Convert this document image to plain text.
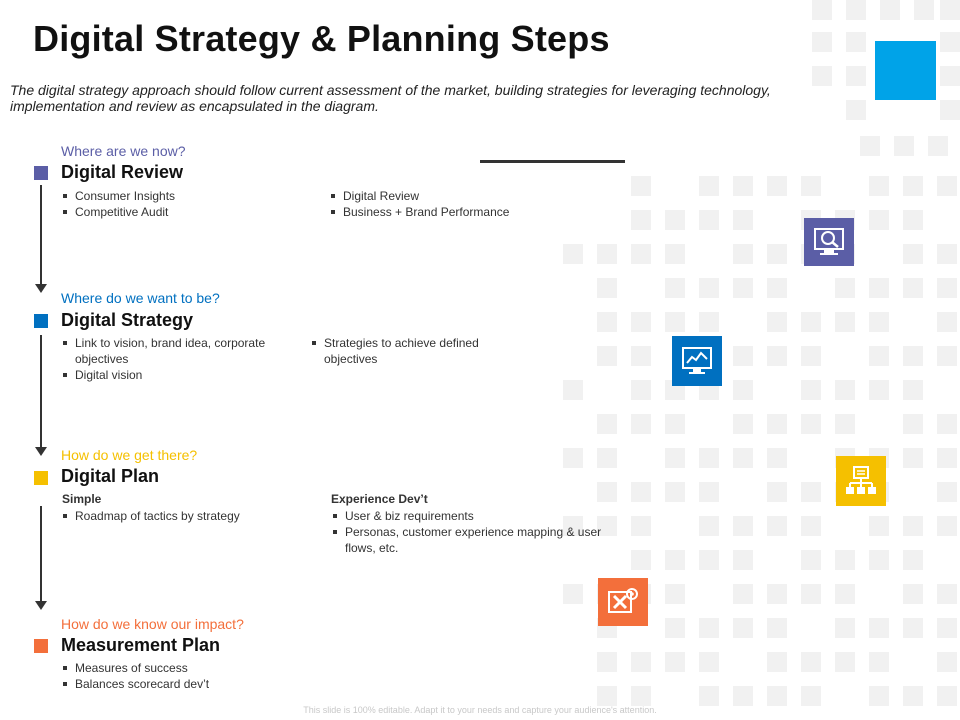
Digital Strategy & Planning Steps
The digital strategy approach should follow current assessment of the market, building strategies for leveraging technology, implementation and review as encapsulated in the diagram.
Where are we now?
Digital Review
Consumer Insights
Competitive Audit
Digital Review
Business + Brand Performance
Where do we want to be?
Digital Strategy
Link to vision, brand idea, corporate objectives
Digital vision
Strategies to achieve defined objectives
How do we get there?
Digital Plan
Simple
Roadmap of tactics by strategy
Experience Dev’t
User & biz requirements
Personas, customer experience mapping & user flows, etc.
How do we know our impact?
Measurement Plan
Measures of success
Balances scorecard dev’t
This slide is 100% editable. Adapt it to your needs and capture your audience's attention.
